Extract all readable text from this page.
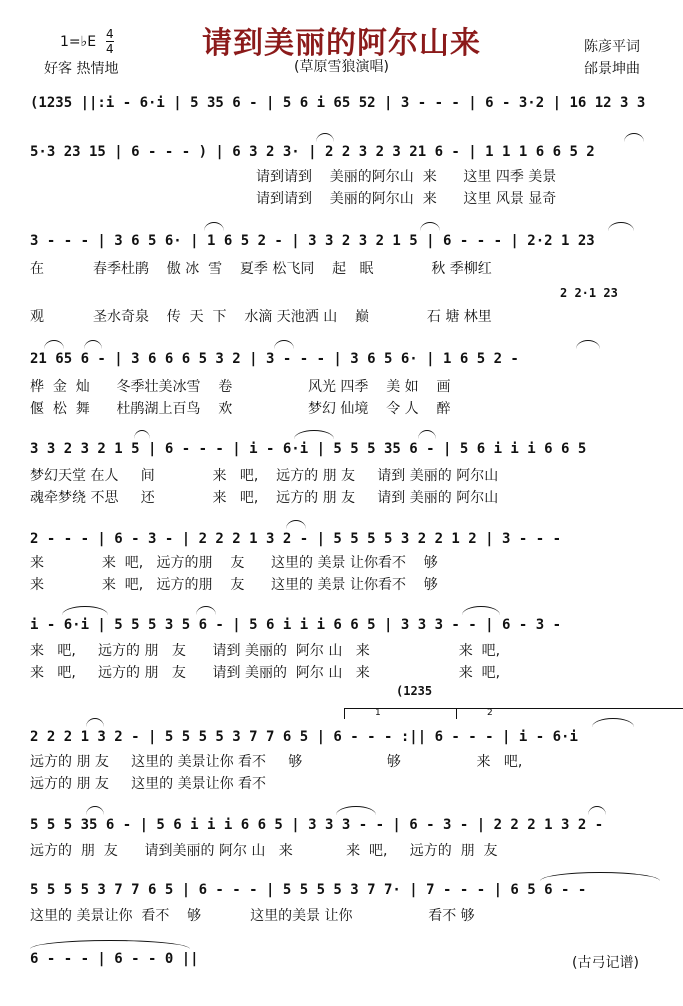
请到美丽的阿尔山来
(草原雪狼演唱)
1=♭E 4
4
好客 热情地
陈彦平词
邰景坤曲
(1235 ||:i - 6·i | 5 35 6 - | 5 6 i 65 52 | 3 - - - | 6 - 3·2 | 16 12 3 3
5·3 23 15 | 6 - - - ) | 6 3 2 3· | 2 2 3 2 3 21 6 - | 1 1 1 6 6 5 2
请到请到    美丽的阿尔山  来      这里 四季 美景
请到请到    美丽的阿尔山  来      这里 风景 显奇
3 - - - | 3 6 5 6· | 1 6 5 2 - | 3 3 2 3 2 1 5 | 6 - - - | 2·2 1 23
在           春季杜鹃    傲 冰  雪    夏季 松飞同    起   眠             秋 季柳红
2 2·1 23
观           圣水奇泉    传  天  下    水滴 天池洒 山    巅             石 塘 林里
21 65 6 - | 3 6 6 6 5 3 2 | 3 - - - | 3 6 5 6· | 1 6 5 2 -
桦  金  灿      冬季壮美冰雪    卷                 风光 四季    美 如    画
偃  松  舞      杜鹃湖上百鸟    欢                 梦幻 仙境    令 人    醉
3 3 2 3 2 1 5 | 6 - - - | i - 6·i | 5 5 5 35 6 - | 5 6 i i i 6 6 5
梦幻天堂 在人     间             来   吧,    远方的 朋 友     请到 美丽的 阿尔山
魂牵梦绕 不思     还             来   吧,    远方的 朋 友     请到 美丽的 阿尔山
2 - - - | 6 - 3 - | 2 2 2 1 3 2 - | 5 5 5 5 3 2 2 1 2 | 3 - - -
来             来  吧,   远方的朋    友      这里的 美景 让你看不    够
来             来  吧,   远方的朋    友      这里的 美景 让你看不    够
i - 6·i | 5 5 5 3 5 6 - | 5 6 i i i 6 6 5 | 3 3 3 - - | 6 - 3 -
来   吧,     远方的 朋   友      请到 美丽的  阿尔 山   来                    来  吧,
来   吧,     远方的 朋   友      请到 美丽的  阿尔 山   来                    来  吧,
(1235
1	2
2 2 2 1 3 2 - | 5 5 5 5 3 7 7 6 5 | 6 - - - :|| 6 - - - | i - 6·i
远方的 朋 友     这里的 美景让你 看不     够                   够                 来   吧,
远方的 朋 友     这里的 美景让你 看不
5 5 5 35 6 - | 5 6 i i i 6 6 5 | 3 3 3 - - | 6 - 3 - | 2 2 2 1 3 2 -
远方的  朋  友      请到美丽的 阿尔 山   来            来  吧,     远方的  朋  友
5 5 5 5 3 7 7 6 5 | 6 - - - | 5 5 5 5 3 7 7· | 7 - - - | 6 5 6 - -
这里的 美景让你  看不    够           这里的美景 让你                 看不 够
6 - - - | 6 - - 0 ||	(古弓记谱)
